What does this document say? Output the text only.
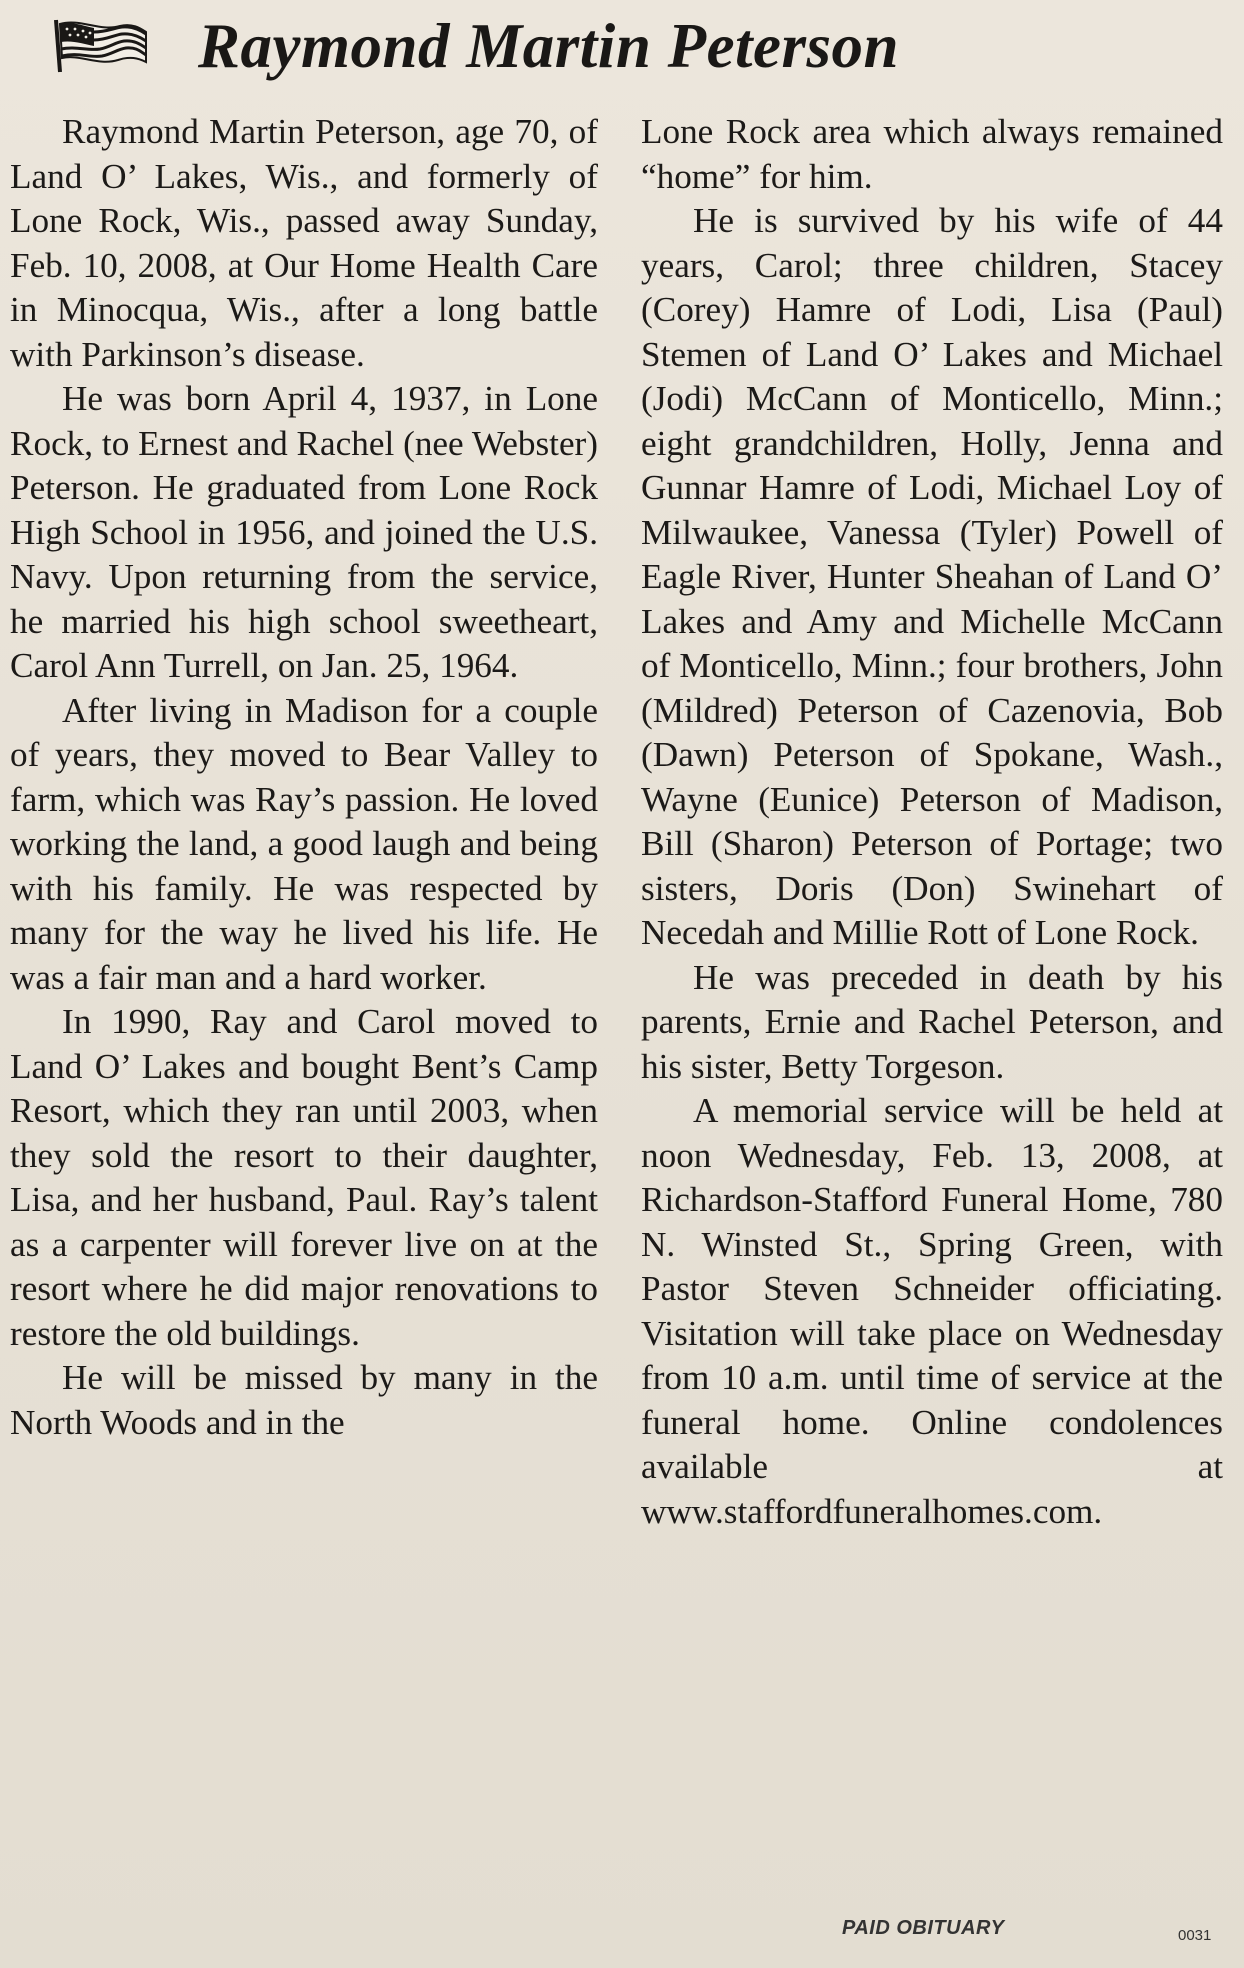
Raymond Martin Peterson

Raymond Martin Peterson, age 70, of Land O’ Lakes, Wis., and formerly of Lone Rock, Wis., passed away Sunday, Feb. 10, 2008, at Our Home Health Care in Minocqua, Wis., after a long battle with Parkinson’s disease.

He was born April 4, 1937, in Lone Rock, to Ernest and Rachel (nee Webster) Peterson. He graduated from Lone Rock High School in 1956, and joined the U.S. Navy. Upon returning from the service, he married his high school sweetheart, Carol Ann Turrell, on Jan. 25, 1964.

After living in Madison for a couple of years, they moved to Bear Valley to farm, which was Ray’s passion. He loved working the land, a good laugh and being with his family. He was respected by many for the way he lived his life. He was a fair man and a hard worker.

In 1990, Ray and Carol moved to Land O’ Lakes and bought Bent’s Camp Resort, which they ran until 2003, when they sold the resort to their daughter, Lisa, and her husband, Paul. Ray’s talent as a carpenter will forever live on at the resort where he did major renovations to restore the old buildings.

He will be missed by many in the North Woods and in the

Lone Rock area which always remained “home” for him.

He is survived by his wife of 44 years, Carol; three children, Stacey (Corey) Hamre of Lodi, Lisa (Paul) Stemen of Land O’ Lakes and Michael (Jodi) McCann of Monticello, Minn.; eight grandchildren, Holly, Jenna and Gunnar Hamre of Lodi, Michael Loy of Milwaukee, Vanessa (Tyler) Powell of Eagle River, Hunter Sheahan of Land O’ Lakes and Amy and Michelle McCann of Monticello, Minn.; four brothers, John (Mildred) Peterson of Cazenovia, Bob (Dawn) Peterson of Spokane, Wash., Wayne (Eunice) Peterson of Madison, Bill (Sharon) Peterson of Portage; two sisters, Doris (Don) Swinehart of Necedah and Millie Rott of Lone Rock.

He was preceded in death by his parents, Ernie and Rachel Peterson, and his sister, Betty Torgeson.

A memorial service will be held at noon Wednesday, Feb. 13, 2008, at Richardson-Stafford Funeral Home, 780 N. Winsted St., Spring Green, with Pastor Steven Schneider officiating. Visitation will take place on Wednesday from 10 a.m. until time of service at the funeral home. Online condolences available at www.staffordfuneralhomes.com.

PAID OBITUARY	0031
